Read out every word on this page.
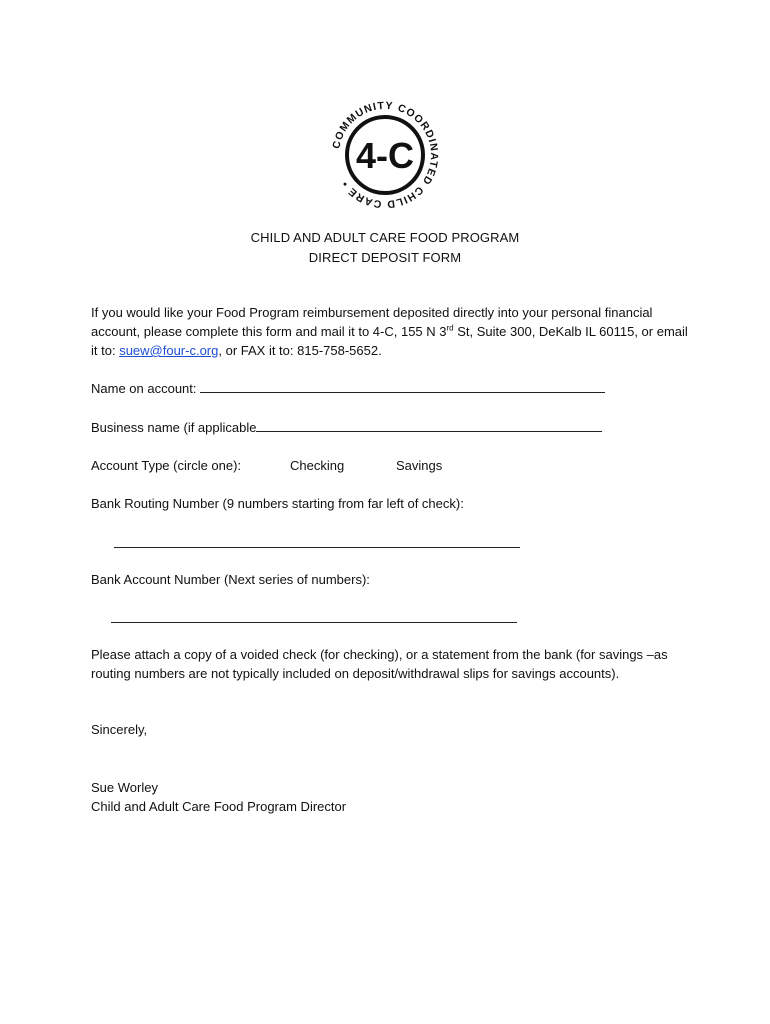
COMMUNITY COORDINATED CHILD CARE •
4-C
CHILD AND ADULT CARE FOOD PROGRAM
DIRECT DEPOSIT FORM
If you would like your Food Program reimbursement deposited directly into your personal financial account, please complete this form and mail it to 4-C, 155 N 3rd St, Suite 300, DeKalb IL 60115, or email it to: suew@four-c.org, or FAX it to: 815-758-5652.
Name on account:
Business name (if applicable
Account Type (circle one):	Checking	Savings
Bank Routing Number (9 numbers starting from far left of check):
Bank Account Number (Next series of numbers):
Please attach a copy of a voided check (for checking), or a statement from the bank (for savings –as routing numbers are not typically included on deposit/withdrawal slips for savings accounts).
Sincerely,
Sue Worley
Child and Adult Care Food Program Director
